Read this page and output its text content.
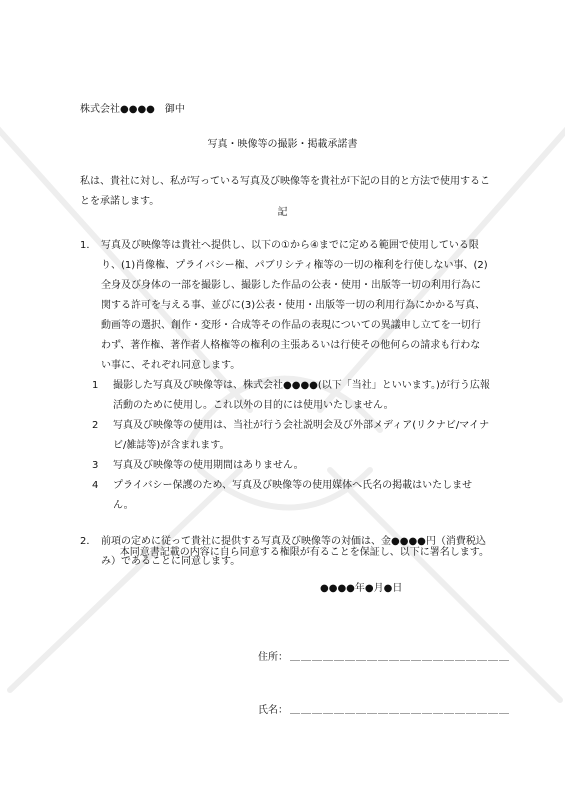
株式会社●●●●　御中
写真・映像等の撮影・掲載承諾書
私は、貴社に対し、私が写っている写真及び映像等を貴社が下記の目的と方法で使用することを承諾します。
記
1． 写真及び映像等は貴社へ提供し、以下の①から④までに定める範囲で使用している限り、(1)肖像権、プライバシー権、パブリシティ権等の一切の権利を行使しない事、(2)全身及び身体の一部を撮影し、撮影した作品の公表・使用・出版等一切の利用行為に関する許可を与える事、並びに(3)公表・使用・出版等一切の利用行為にかかる写真、動画等の選択、創作・変形・合成等その作品の表現についての異議申し立てを一切行わず、著作権、著作者人格権等の権利の主張あるいは行使その他何らの請求も行わない事に、それぞれ同意します。
1	撮影した写真及び映像等は、株式会社●●●●(以下「当社」といいます。)が行う広報活動のために使用し。これ以外の目的には使用いたしません。
2	写真及び映像等の使用は、当社が行う会社説明会及び外部メディア(リクナビ/マイナビ/雑誌等)が含まれます。
3	写真及び映像等の使用期間はありません。
4	プライバシー保護のため、写真及び映像等の使用媒体へ氏名の掲載はいたしません。
2． 前項の定めに従って貴社に提供する写真及び映像等の対価は、金●●●●円（消費税込み）であることに同意します。
本同意書記載の内容に自ら同意する権限が有ることを保証し、以下に署名します。
●●●●年●月●日
住所： ＿＿＿＿＿＿＿＿＿＿＿＿＿＿＿＿＿＿＿＿
氏名： ＿＿＿＿＿＿＿＿＿＿＿＿＿＿＿＿＿＿＿＿
